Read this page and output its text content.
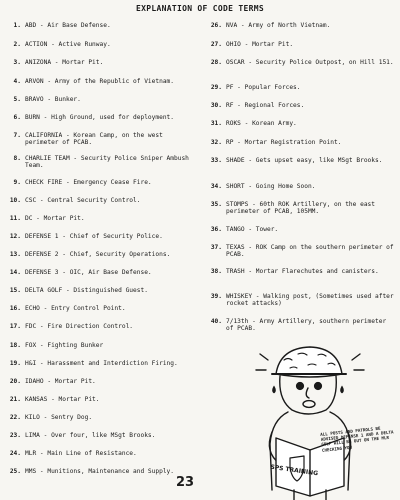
EXPLANATION OF CODE TERMS
1. ABD - Air Base Defense.
2. ACTION - Active Runway.
3. ANIZONA - Mortar Pit.
4. ARVON - Army of the Republic of Vietnam.
5. BRAVO - Bunker.
6. BURN - High Ground, used for deployment.
7. CALIFORNIA - Korean Camp, on the west perimeter of PCAB.
8. CHARLIE TEAM - Security Police Sniper Ambush Team.
9. CHECK FIRE - Emergency Cease Fire.
10. CSC - Central Security Control.
11. DC - Mortar Pit.
12. DEFENSE 1 - Chief of Security Police.
13. DEFENSE 2 - Chief, Security Operations.
14. DEFENSE 3 - OIC, Air Base Defense.
15. DELTA GOLF - Distinguished Guest.
16. ECHO - Entry Control Point.
17. FDC - Fire Direction Control.
18. FOX - Fighting Bunker
19. H&I - Harassment and Interdiction Firing.
20. IDAHO - Mortar Pit.
21. KANSAS - Mortar Pit.
22. KILO - Sentry Dog.
23. LIMA - Over four, like MSgt Brooks.
24. MLR - Main Line of Resistance.
25. MMS - Munitions, Maintenance and Supply.
26. NVA - Army of North Vietnam.
27. OHIO - Mortar Pit.
28. OSCAR - Security Police Outpost, on Hill 151.
29. PF - Popular Forces.
30. RF - Regional Forces.
31. ROKS - Korean Army.
32. RP - Mortar Registration Point.
33. SHADE - Gets upset easy, like MSgt Brooks.
34. SHORT - Going Home Soon.
35. STOMPS - 60th ROK Artillery, on the east perimeter of PCAB, 105MM.
36. TANGO - Tower.
37. TEXAS - ROK Camp on the southern perimeter of PCAB.
38. TRASH - Mortar Flarechutes and canisters.
39. WHISKEY - Walking post, (Sometimes used after rocket attacks)
40. 7/13th - Army Artillery, southern perimeter of PCAB.
SPS TRAINING
ALL POSTS AND PATROLS BE ADVISED DEFENSE 1 AND A DELTA GOLF WILL BE OUT ON THE MLR CHECKING YOU
23
